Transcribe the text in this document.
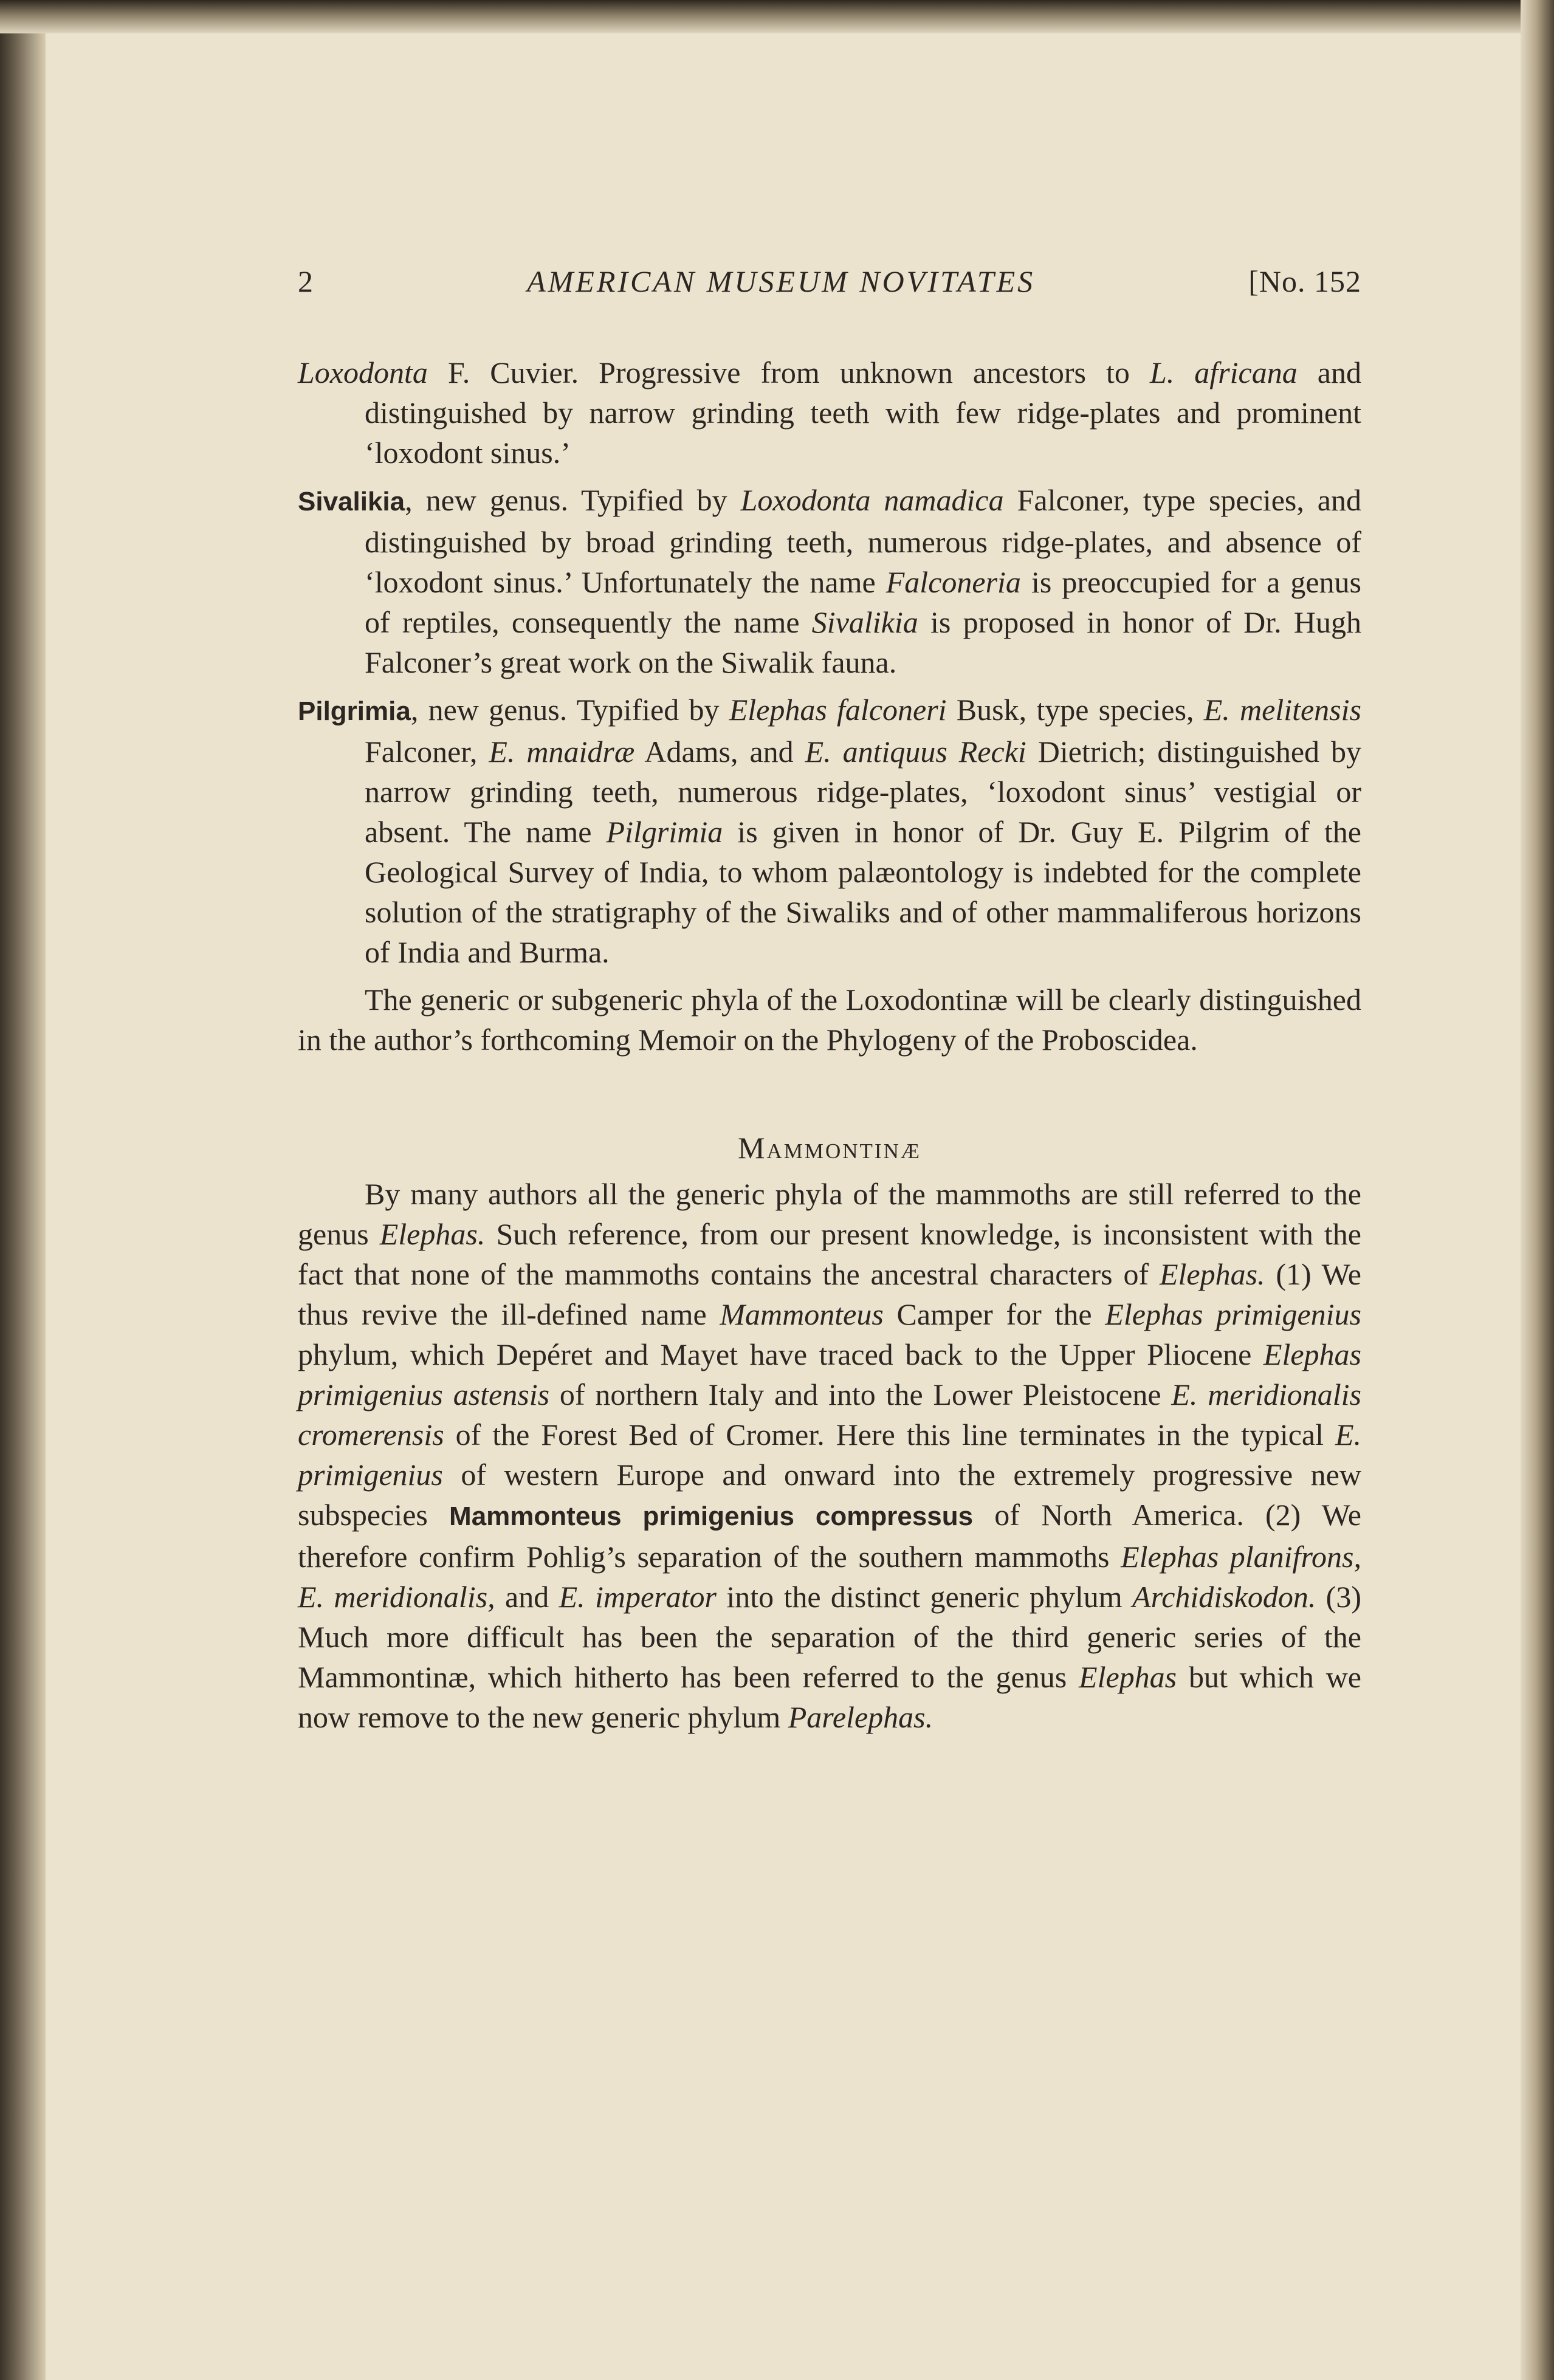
2	AMERICAN MUSEUM NOVITATES	[No. 152

Loxodonta F. Cuvier. Progressive from unknown ancestors to L. africana and distinguished by narrow grinding teeth with few ridge-plates and prominent ‘loxodont sinus.’

Sivalikia, new genus. Typified by Loxodonta namadica Falconer, type species, and distinguished by broad grinding teeth, numerous ridge-plates, and absence of ‘loxodont sinus.’ Unfortunately the name Falconeria is preoccupied for a genus of reptiles, consequently the name Sivalikia is proposed in honor of Dr. Hugh Falconer’s great work on the Siwalik fauna.

Pilgrimia, new genus. Typified by Elephas falconeri Busk, type species, E. melitensis Falconer, E. mnaidræ Adams, and E. antiquus Recki Dietrich; distinguished by narrow grinding teeth, numerous ridge-plates, ‘loxodont sinus’ vestigial or absent. The name Pilgrimia is given in honor of Dr. Guy E. Pilgrim of the Geological Survey of India, to whom palæontology is indebted for the complete solution of the stratigraphy of the Siwaliks and of other mammaliferous horizons of India and Burma.

The generic or subgeneric phyla of the Loxodontinæ will be clearly distinguished in the author’s forthcoming Memoir on the Phylogeny of the Proboscidea.

Mammontinæ

By many authors all the generic phyla of the mammoths are still referred to the genus Elephas. Such reference, from our present knowledge, is inconsistent with the fact that none of the mammoths contains the ancestral characters of Elephas. (1) We thus revive the ill-defined name Mammonteus Camper for the Elephas primigenius phylum, which Depéret and Mayet have traced back to the Upper Pliocene Elephas primigenius astensis of northern Italy and into the Lower Pleistocene E. meridionalis cromerensis of the Forest Bed of Cromer. Here this line terminates in the typical E. primigenius of western Europe and onward into the extremely progressive new subspecies Mammonteus primigenius compressus of North America. (2) We therefore confirm Pohlig’s separation of the southern mammoths Elephas planifrons, E. meridionalis, and E. imperator into the distinct generic phylum Archidiskodon. (3) Much more difficult has been the separation of the third generic series of the Mammontinæ, which hitherto has been referred to the genus Elephas but which we now remove to the new generic phylum Parelephas.
